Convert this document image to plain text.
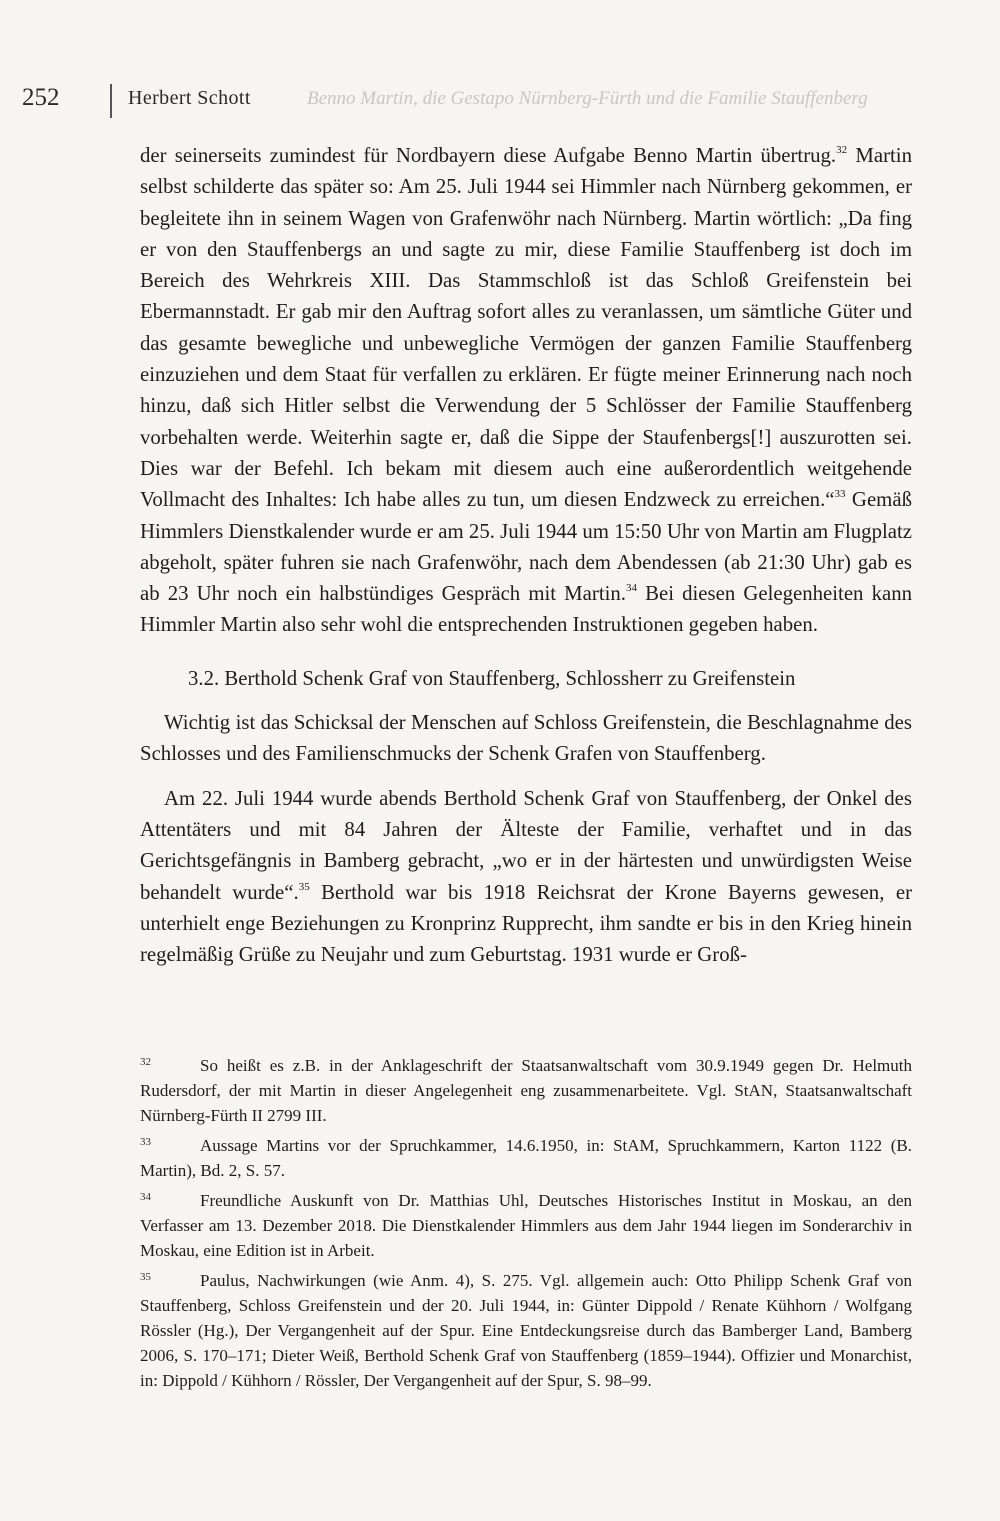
252	Herbert Schott	Benno Martin, die Gestapo Nürnberg-Fürth und die Familie Stauffenberg

der seinerseits zumindest für Nordbayern diese Aufgabe Benno Martin übertrug.$^{32}$ Martin selbst schilderte das später so: Am 25. Juli 1944 sei Himmler nach Nürnberg gekommen, er begleitete ihn in seinem Wagen von Grafenwöhr nach Nürnberg. Martin wörtlich: „Da fing er von den Stauffenbergs an und sagte zu mir, diese Familie Stauffenberg ist doch im Bereich des Wehrkreis XIII. Das Stammschloß ist das Schloß Greifenstein bei Ebermannstadt. Er gab mir den Auftrag sofort alles zu veranlassen, um sämtliche Güter und das gesamte bewegliche und unbewegliche Vermögen der ganzen Familie Stauffenberg einzuziehen und dem Staat für verfallen zu erklären. Er fügte meiner Erinnerung nach noch hinzu, daß sich Hitler selbst die Verwendung der 5 Schlösser der Familie Stauffenberg vorbehalten werde. Weiterhin sagte er, daß die Sippe der Staufenbergs[!] auszurotten sei. Dies war der Befehl. Ich bekam mit diesem auch eine außerordentlich weitgehende Vollmacht des Inhaltes: Ich habe alles zu tun, um diesen Endzweck zu erreichen.“$^{33}$ Gemäß Himmlers Dienstkalender wurde er am 25. Juli 1944 um 15:50 Uhr von Martin am Flugplatz abgeholt, später fuhren sie nach Grafenwöhr, nach dem Abendessen (ab 21:30 Uhr) gab es ab 23 Uhr noch ein halbstündiges Gespräch mit Martin.$^{34}$ Bei diesen Gelegenheiten kann Himmler Martin also sehr wohl die entsprechenden Instruktionen gegeben haben.

3.2. Berthold Schenk Graf von Stauffenberg, Schlossherr zu Greifenstein

Wichtig ist das Schicksal der Menschen auf Schloss Greifenstein, die Beschlagnahme des Schlosses und des Familienschmucks der Schenk Grafen von Stauffenberg.

Am 22. Juli 1944 wurde abends Berthold Schenk Graf von Stauffenberg, der Onkel des Attentäters und mit 84 Jahren der Älteste der Familie, verhaftet und in das Gerichtsgefängnis in Bamberg gebracht, „wo er in der härtesten und unwürdigsten Weise behandelt wurde“.$^{35}$ Berthold war bis 1918 Reichsrat der Krone Bayerns gewesen, er unterhielt enge Beziehungen zu Kronprinz Rupprecht, ihm sandte er bis in den Krieg hinein regelmäßig Grüße zu Neujahr und zum Geburtstag. 1931 wurde er Groß-

32	So heißt es z.B. in der Anklageschrift der Staatsanwaltschaft vom 30.9.1949 gegen Dr. Helmuth Rudersdorf, der mit Martin in dieser Angelegenheit eng zusammenarbeitete. Vgl. StAN, Staatsanwaltschaft Nürnberg-Fürth II 2799 III.

33	Aussage Martins vor der Spruchkammer, 14.6.1950, in: StAM, Spruchkammern, Karton 1122 (B. Martin), Bd. 2, S. 57.

34	Freundliche Auskunft von Dr. Matthias Uhl, Deutsches Historisches Institut in Moskau, an den Verfasser am 13. Dezember 2018. Die Dienstkalender Himmlers aus dem Jahr 1944 liegen im Sonderarchiv in Moskau, eine Edition ist in Arbeit.

35	Paulus, Nachwirkungen (wie Anm. 4), S. 275. Vgl. allgemein auch: Otto Philipp Schenk Graf von Stauffenberg, Schloss Greifenstein und der 20. Juli 1944, in: Günter Dippold / Renate Kühhorn / Wolfgang Rössler (Hg.), Der Vergangenheit auf der Spur. Eine Entdeckungsreise durch das Bamberger Land, Bamberg 2006, S. 170–171; Dieter Weiß, Berthold Schenk Graf von Stauffenberg (1859–1944). Offizier und Monarchist, in: Dippold / Kühhorn / Rössler, Der Vergangenheit auf der Spur, S. 98–99.
